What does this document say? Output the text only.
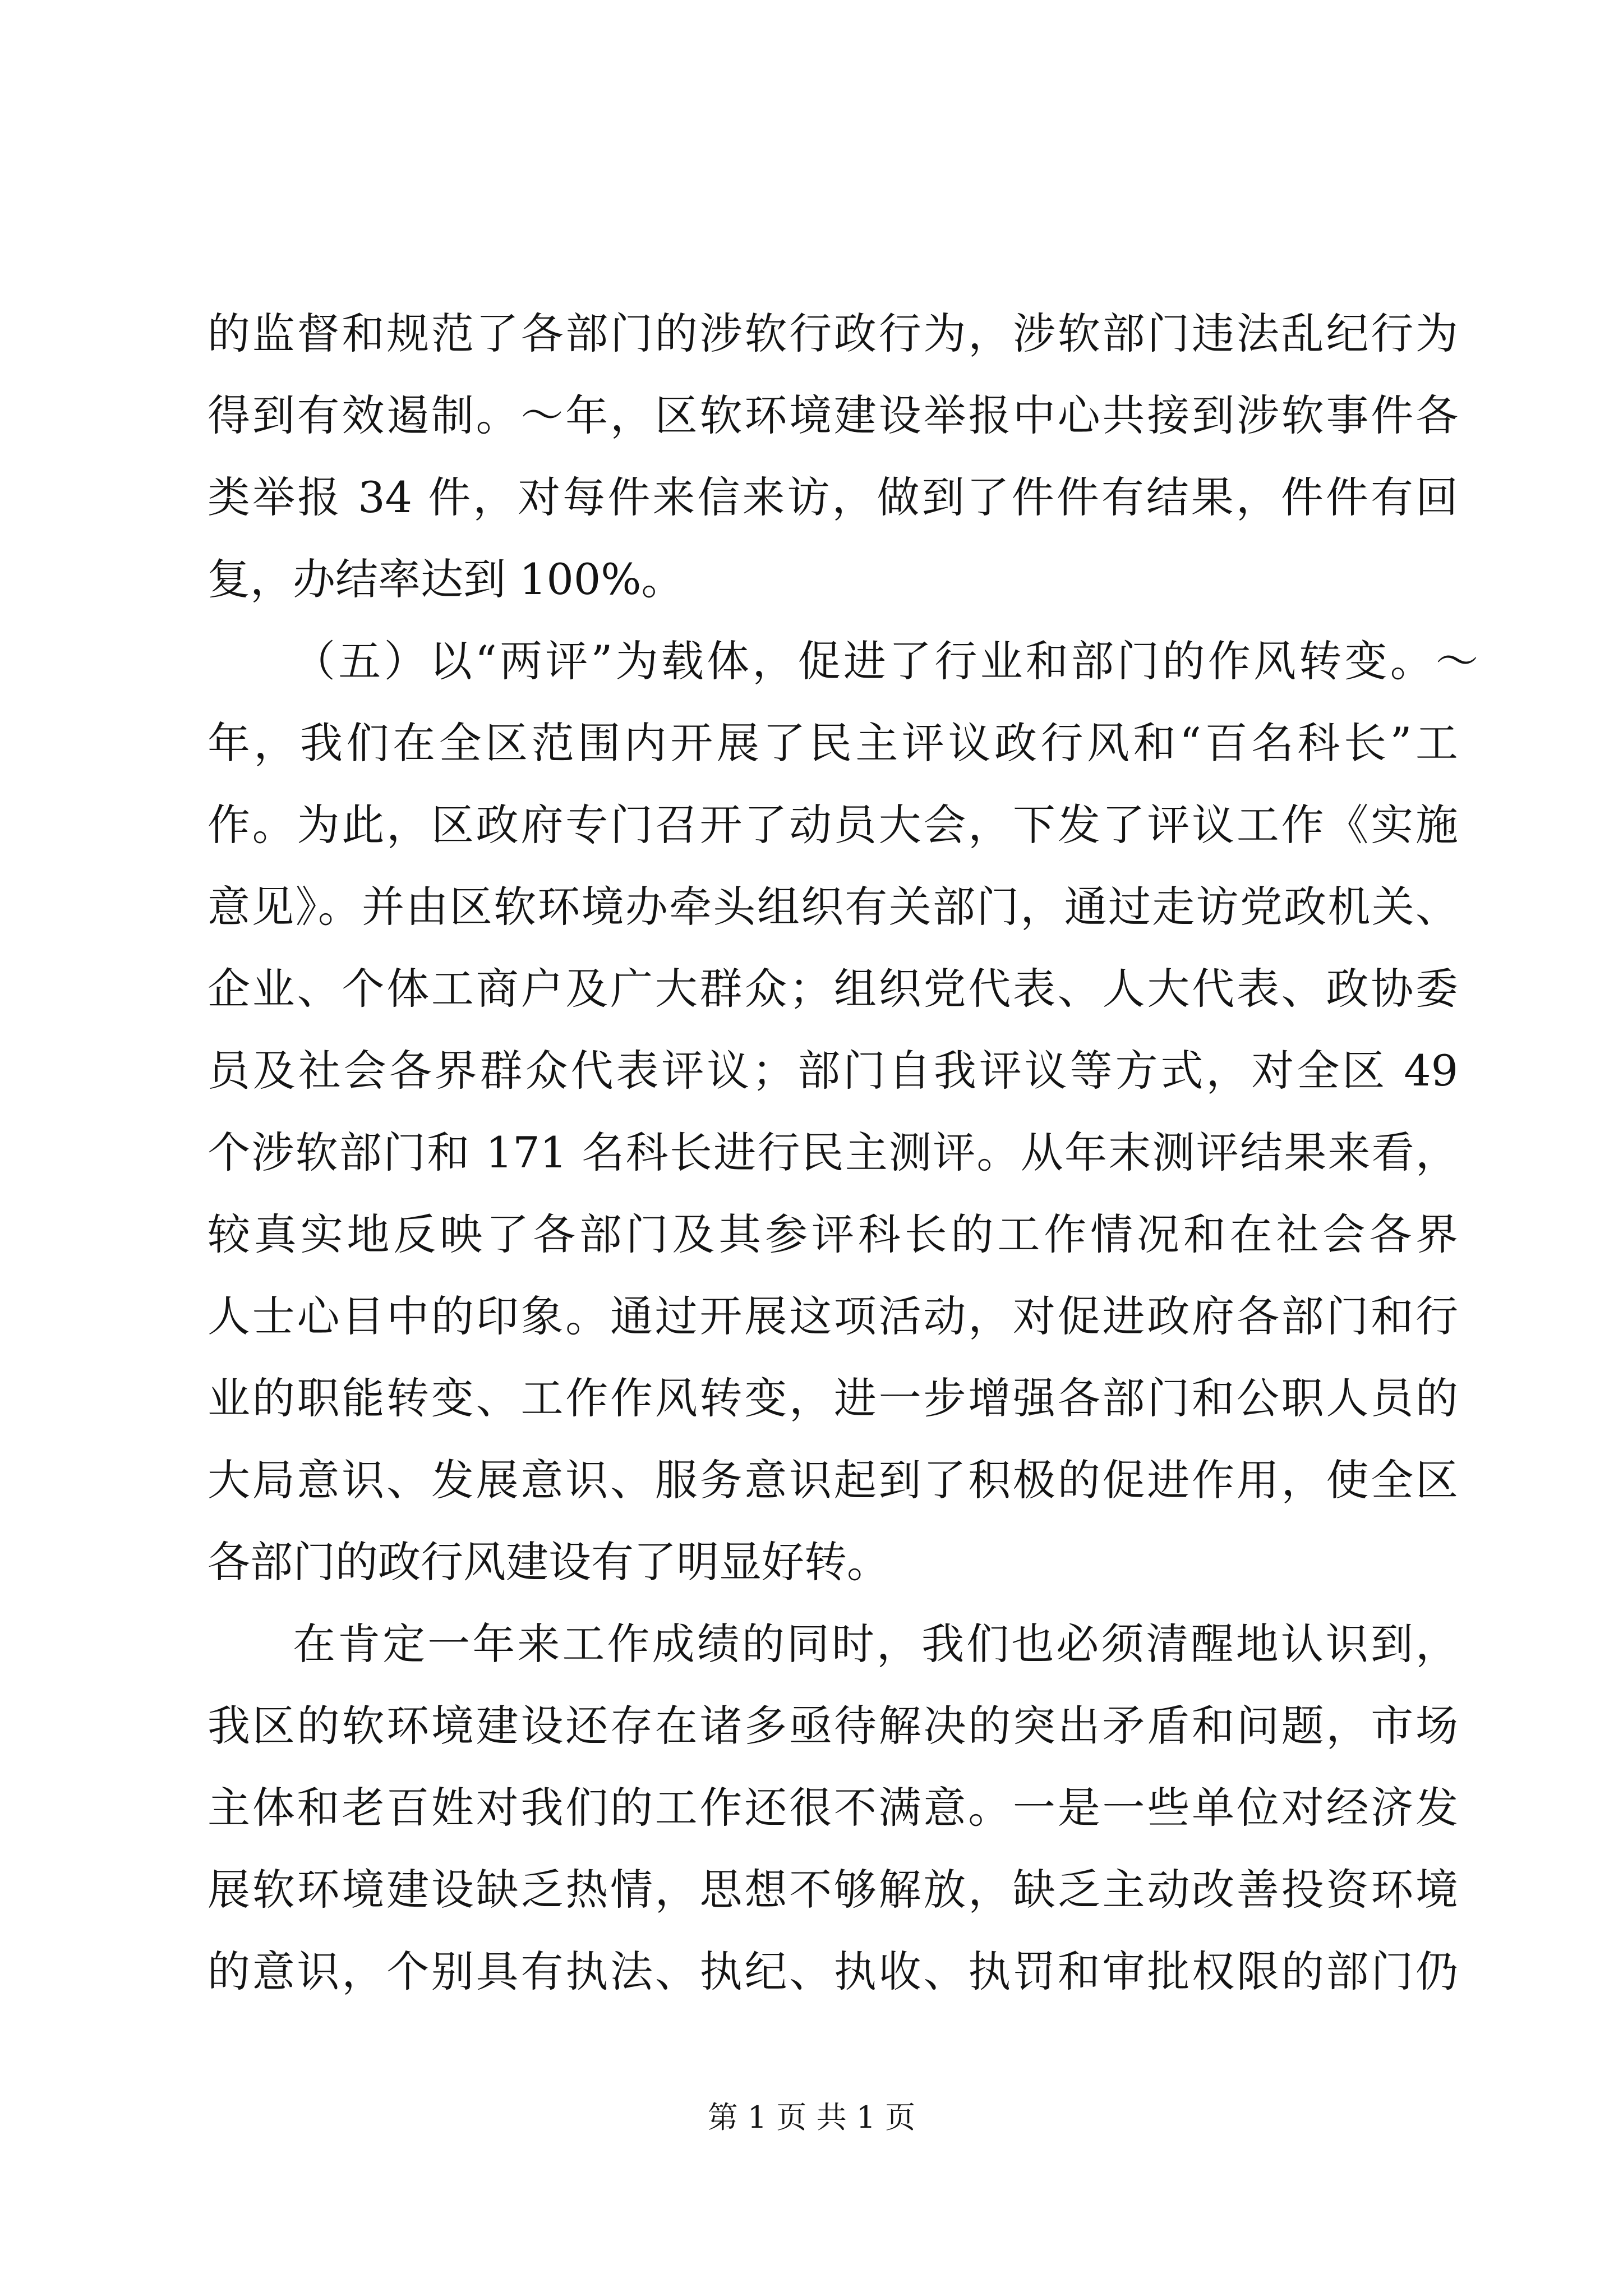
的监督和规范了各部门的涉软行政行为，涉软部门违法乱纪行为
得到有效遏制。～年，区软环境建设举报中心共接到涉软事件各
类举报 34 件，对每件来信来访，做到了件件有结果，件件有回
复，办结率达到 100%。
（五）以“两评”为载体，促进了行业和部门的作风转变。～
年，我们在全区范围内开展了民主评议政行风和“百名科长”工
作。为此，区政府专门召开了动员大会，下发了评议工作《实施
意见》。并由区软环境办牵头组织有关部门，通过走访党政机关、
企业、个体工商户及广大群众；组织党代表、人大代表、政协委
员及社会各界群众代表评议；部门自我评议等方式，对全区 49
个涉软部门和 171 名科长进行民主测评。从年末测评结果来看，
较真实地反映了各部门及其参评科长的工作情况和在社会各界
人士心目中的印象。通过开展这项活动，对促进政府各部门和行
业的职能转变、工作作风转变，进一步增强各部门和公职人员的
大局意识、发展意识、服务意识起到了积极的促进作用，使全区
各部门的政行风建设有了明显好转。
在肯定一年来工作成绩的同时，我们也必须清醒地认识到，
我区的软环境建设还存在诸多亟待解决的突出矛盾和问题，市场
主体和老百姓对我们的工作还很不满意。一是一些单位对经济发
展软环境建设缺乏热情，思想不够解放，缺乏主动改善投资环境
的意识，个别具有执法、执纪、执收、执罚和审批权限的部门仍
第 1 页 共 1 页
